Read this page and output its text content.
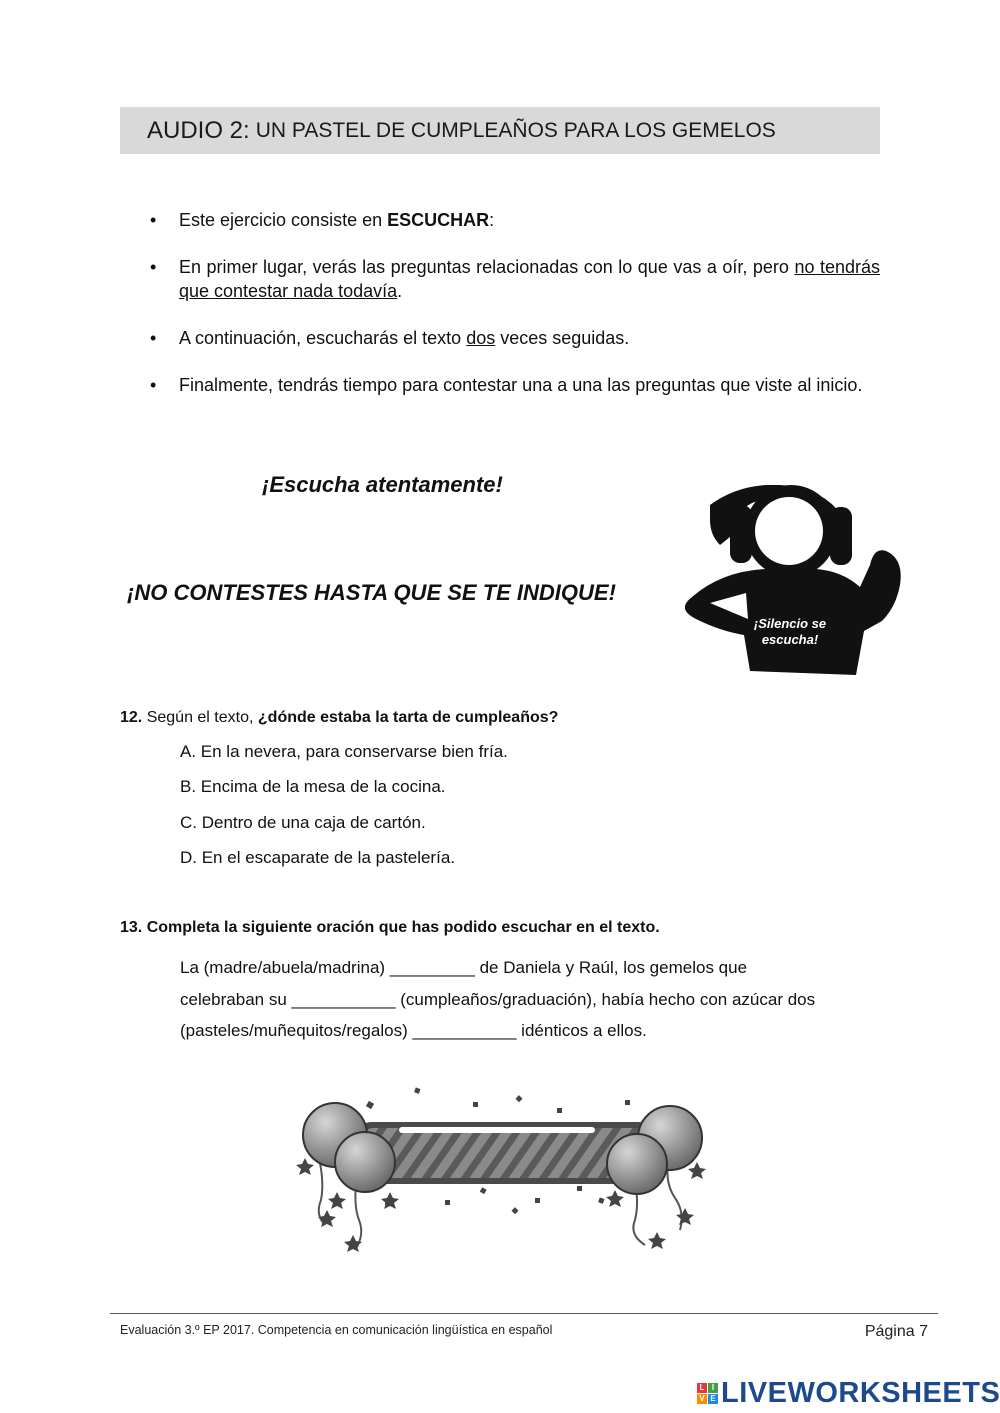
AUDIO 2: UN PASTEL DE CUMPLEAÑOS PARA LOS GEMELOS
• Este ejercicio consiste en ESCUCHAR:
• En primer lugar, verás las preguntas relacionadas con lo que vas a oír, pero no tendrás que contestar nada todavía.
• A continuación, escucharás el texto dos veces seguidas.
• Finalmente, tendrás tiempo para contestar una a una las preguntas que viste al inicio.
¡Escucha atentamente!
¡NO CONTESTES HASTA QUE SE TE INDIQUE!
¡Silencio se
escucha!
12. Según el texto, ¿dónde estaba la tarta de cumpleaños?
A. En la nevera, para conservarse bien fría.
B. Encima de la mesa de la cocina.
C. Dentro de una caja de cartón.
D. En el escaparate de la pastelería.
13. Completa la siguiente oración que has podido escuchar en el texto.
La (madre/abuela/madrina) _________ de Daniela y Raúl, los gemelos que
celebraban su ___________ (cumpleaños/graduación), había hecho con azúcar dos
(pasteles/muñequitos/regalos) ___________ idénticos a ellos.
Evaluación 3.º EP 2017. Competencia en comunicación lingüística en español	Página 7
L I
V E LIVEWORKSHEETS
